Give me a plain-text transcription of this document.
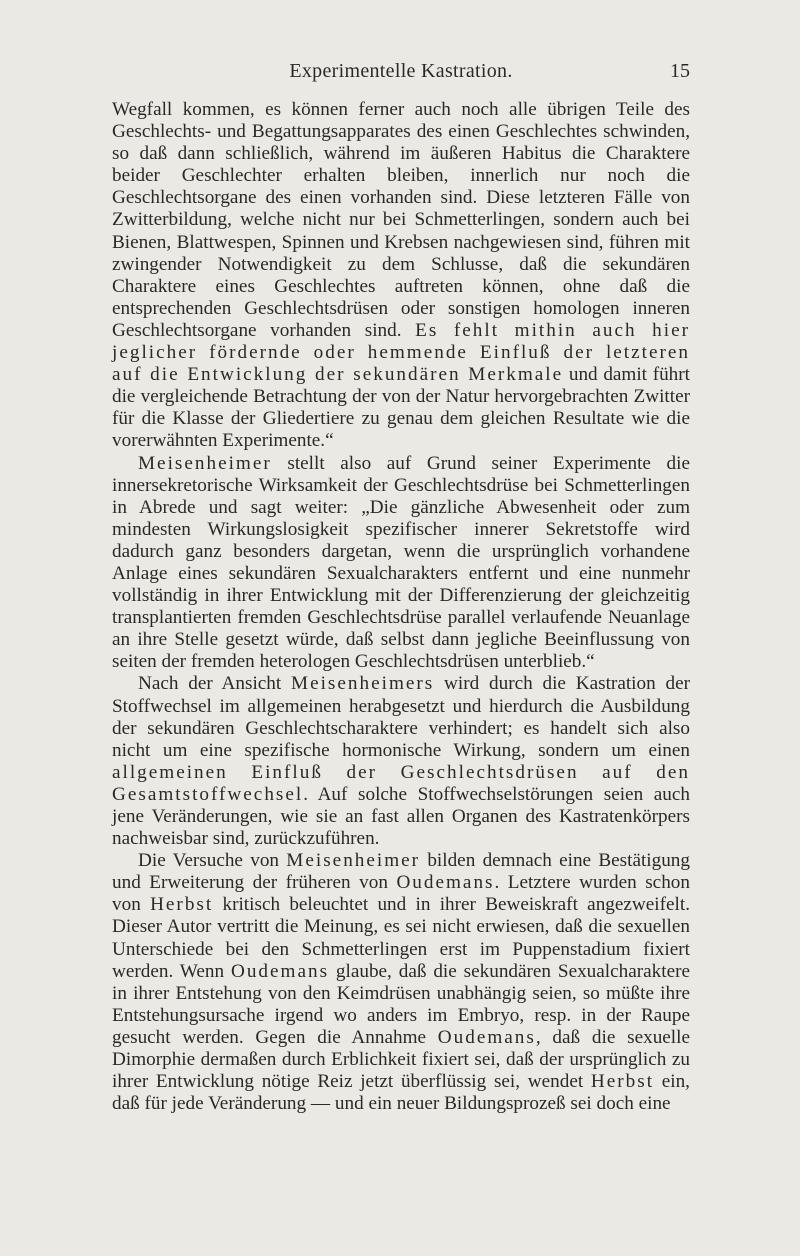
Experimentelle Kastration.	15

Wegfall kommen, es können ferner auch noch alle übrigen Teile des Geschlechts- und Begattungsapparates des einen Geschlechtes schwinden, so daß dann schließlich, während im äußeren Habitus die Charaktere beider Geschlechter erhalten bleiben, innerlich nur noch die Geschlechtsorgane des einen vorhanden sind. Diese letzteren Fälle von Zwitterbildung, welche nicht nur bei Schmetterlingen, sondern auch bei Bienen, Blattwespen, Spinnen und Krebsen nachgewiesen sind, führen mit zwingender Notwendigkeit zu dem Schlusse, daß die sekundären Charaktere eines Geschlechtes auftreten können, ohne daß die entsprechenden Geschlechtsdrüsen oder sonstigen homologen inneren Geschlechtsorgane vorhanden sind. Es fehlt mithin auch hier jeglicher fördernde oder hemmende Einfluß der letzteren auf die Entwicklung der sekundären Merkmale und damit führt die vergleichende Betrachtung der von der Natur hervorgebrachten Zwitter für die Klasse der Gliedertiere zu genau dem gleichen Resultate wie die vorerwähnten Experimente.“

Meisenheimer stellt also auf Grund seiner Experimente die innersekretorische Wirksamkeit der Geschlechtsdrüse bei Schmetterlingen in Abrede und sagt weiter: „Die gänzliche Abwesenheit oder zum mindesten Wirkungslosigkeit spezifischer innerer Sekretstoffe wird dadurch ganz besonders dargetan, wenn die ursprünglich vorhandene Anlage eines sekundären Sexualcharakters entfernt und eine nunmehr vollständig in ihrer Entwicklung mit der Differenzierung der gleichzeitig transplantierten fremden Geschlechtsdrüse parallel verlaufende Neuanlage an ihre Stelle gesetzt würde, daß selbst dann jegliche Beeinflussung von seiten der fremden heterologen Geschlechtsdrüsen unterblieb.“

Nach der Ansicht Meisenheimers wird durch die Kastration der Stoffwechsel im allgemeinen herabgesetzt und hierdurch die Ausbildung der sekundären Geschlechtscharaktere verhindert; es handelt sich also nicht um eine spezifische hormonische Wirkung, sondern um einen allgemeinen Einfluß der Geschlechtsdrüsen auf den Gesamtstoffwechsel. Auf solche Stoffwechselstörungen seien auch jene Veränderungen, wie sie an fast allen Organen des Kastratenkörpers nachweisbar sind, zurückzuführen.

Die Versuche von Meisenheimer bilden demnach eine Bestätigung und Erweiterung der früheren von Oudemans. Letztere wurden schon von Herbst kritisch beleuchtet und in ihrer Beweiskraft angezweifelt. Dieser Autor vertritt die Meinung, es sei nicht erwiesen, daß die sexuellen Unterschiede bei den Schmetterlingen erst im Puppenstadium fixiert werden. Wenn Oudemans glaube, daß die sekundären Sexualcharaktere in ihrer Entstehung von den Keimdrüsen unabhängig seien, so müßte ihre Entstehungsursache irgend wo anders im Embryo, resp. in der Raupe gesucht werden. Gegen die Annahme Oudemans, daß die sexuelle Dimorphie dermaßen durch Erblichkeit fixiert sei, daß der ursprünglich zu ihrer Entwicklung nötige Reiz jetzt überflüssig sei, wendet Herbst ein, daß für jede Veränderung — und ein neuer Bildungsprozeß sei doch eine
